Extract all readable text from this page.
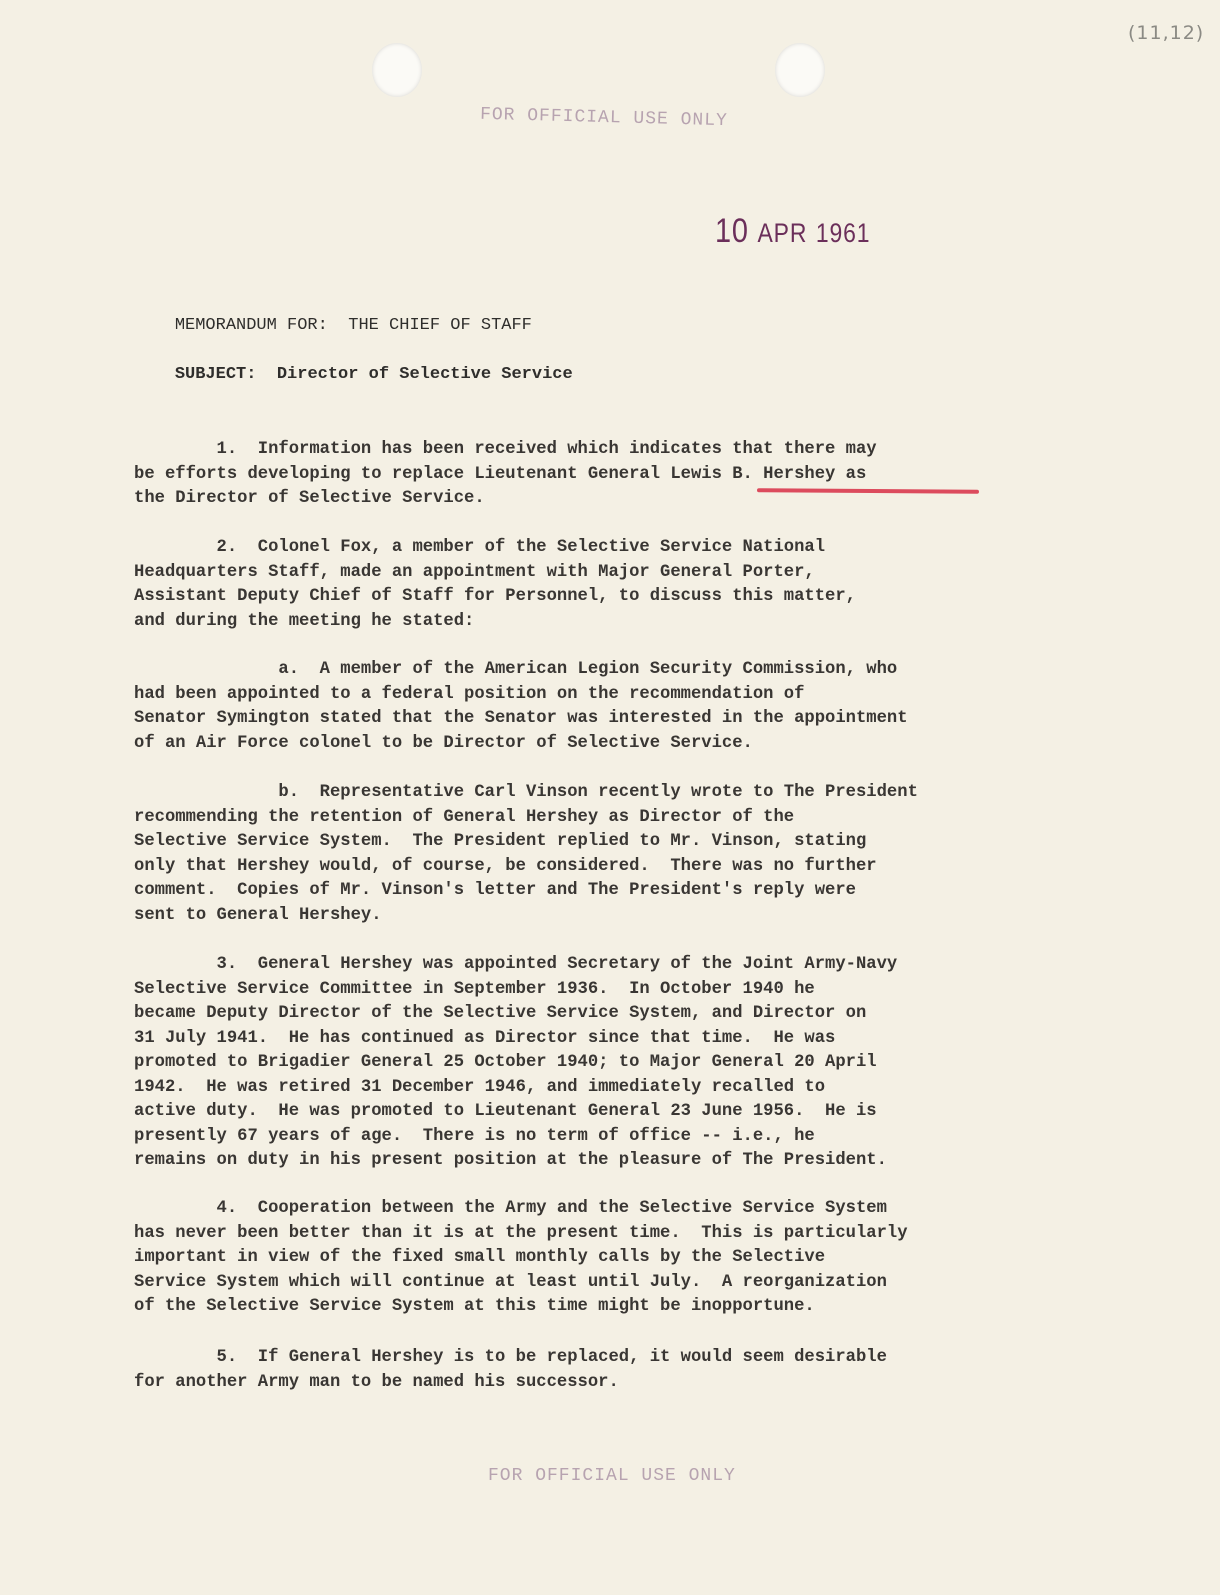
(11,12)
FOR OFFICIAL USE ONLY
10 APR 1961

MEMORANDUM FOR: THE CHIEF OF STAFF

SUBJECT: Director of Selective Service

1.  Information has been received which indicates that there may

be efforts developing to replace Lieutenant General Lewis B. Hershey as

the Director of Selective Service.

2.  Colonel Fox, a member of the Selective Service National

Headquarters Staff, made an appointment with Major General Porter,

Assistant Deputy Chief of Staff for Personnel, to discuss this matter,

and during the meeting he stated:

a.  A member of the American Legion Security Commission, who

had been appointed to a federal position on the recommendation of

Senator Symington stated that the Senator was interested in the appointment

of an Air Force colonel to be Director of Selective Service.

b.  Representative Carl Vinson recently wrote to The President

recommending the retention of General Hershey as Director of the

Selective Service System.  The President replied to Mr. Vinson, stating

only that Hershey would, of course, be considered.  There was no further

comment.  Copies of Mr. Vinson's letter and The President's reply were

sent to General Hershey.

3.  General Hershey was appointed Secretary of the Joint Army-Navy

Selective Service Committee in September 1936.  In October 1940 he

became Deputy Director of the Selective Service System, and Director on

31 July 1941.  He has continued as Director since that time.  He was

promoted to Brigadier General 25 October 1940; to Major General 20 April

1942.  He was retired 31 December 1946, and immediately recalled to

active duty.  He was promoted to Lieutenant General 23 June 1956.  He is

presently 67 years of age.  There is no term of office -- i.e., he

remains on duty in his present position at the pleasure of The President.

4.  Cooperation between the Army and the Selective Service System

has never been better than it is at the present time.  This is particularly

important in view of the fixed small monthly calls by the Selective

Service System which will continue at least until July.  A reorganization

of the Selective Service System at this time might be inopportune.

5.  If General Hershey is to be replaced, it would seem desirable

for another Army man to be named his successor.

FOR OFFICIAL USE ONLY
